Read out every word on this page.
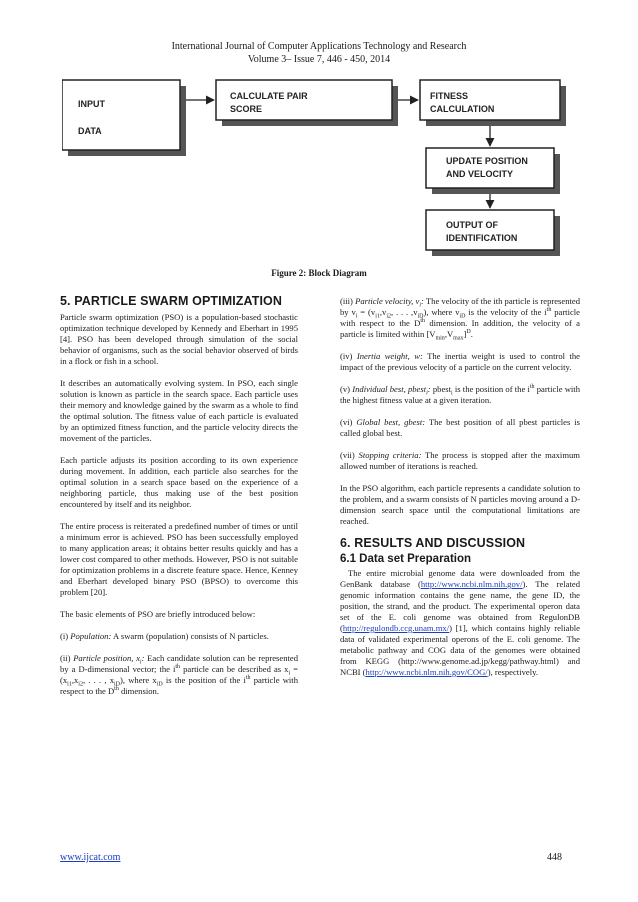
International Journal of Computer Applications Technology and Research
Volume 3– Issue 7, 446 - 450, 2014
INPUT
DATA
CALCULATE PAIR
SCORE
FITNESS
CALCULATION
UPDATE POSITION
AND VELOCITY
OUTPUT OF
IDENTIFICATION
Figure 2: Block Diagram
5. PARTICLE SWARM OPTIMIZATION

Particle swarm optimization (PSO) is a population-based stochastic optimization technique developed by Kennedy and Eberhart in 1995 [4]. PSO has been developed through simulation of the social behavior of organisms, such as the social behavior observed of birds in a flock or fish in a school.

It describes an automatically evolving system. In PSO, each single solution is known as particle in the search space. Each particle uses their memory and knowledge gained by the swarm as a whole to find the optimal solution. The fitness value of each particle is evaluated by an optimized fitness function, and the particle velocity directs the movement of the particles.

Each particle adjusts its position according to its own experience during movement. In addition, each particle also searches for the optimal solution in a search space based on the experience of a neighboring particle, thus making use of the best position encountered by itself and its neighbor.

The entire process is reiterated a predefined number of times or until a minimum error is achieved. PSO has been successfully employed to many application areas; it obtains better results quickly and has a lower cost compared to other methods. However, PSO is not suitable for optimization problems in a discrete feature space. Hence, Kenney and Eberhart developed binary PSO (BPSO) to overcome this problem [20].

The basic elements of PSO are briefly introduced below:

(i) Population: A swarm (population) consists of N particles.

(ii) Particle position, $x_i$: Each candidate solution can be represented by a D-dimensional vector; the $i^{th}$ particle can be described as $x_i = (x_{i1},x_{i2}$, . . . , $x_{iD}$), where $x_{iD}$ is the position of the $i^{th}$ particle with respect to the Dth dimension.

(iii) Particle velocity, $v_i$: The velocity of the ith particle is represented by $v_i = (v_{i1},v_{i2}$, . . . $,v_{iD}$), where $v_{iD}$ is the velocity of the $i^{th}$ particle with respect to the Dth dimension. In addition, the velocity of a particle is limited within $[V_{min},V_{max}]^D$.

(iv) Inertia weight, w: The inertia weight is used to control the impact of the previous velocity of a particle on the current velocity.

(v) Individual best, pbest$_i$: pbest$_i$ is the position of the $i^{th}$ particle with the highest fitness value at a given iteration.

(vi) Global best, gbest: The best position of all pbest particles is called global best.

(vii) Stopping criteria: The process is stopped after the maximum allowed number of iterations is reached.

In the PSO algorithm, each particle represents a candidate solution to the problem, and a swarm consists of N particles moving around a D-dimension search space until the computational limitations are reached.

6. RESULTS AND DISCUSSION
6.1 Data set Preparation

The entire microbial genome data were downloaded from the GenBank database (http://www.ncbi.nlm.nih.gov/). The related genomic information contains the gene name, the gene ID, the position, the strand, and the product. The experimental operon data set of the E. coli genome was obtained from RegulonDB (http://regulondb.ccg.unam.mx/) [1], which contains highly reliable data of validated experimental operons of the E. coli genome. The metabolic pathway and COG data of the genomes were obtained from KEGG (http://www.genome.ad.jp/kegg/pathway.html) and NCBI (http://www.ncbi.nlm.nih.gov/COG/), respectively.

www.ijcat.com	448
